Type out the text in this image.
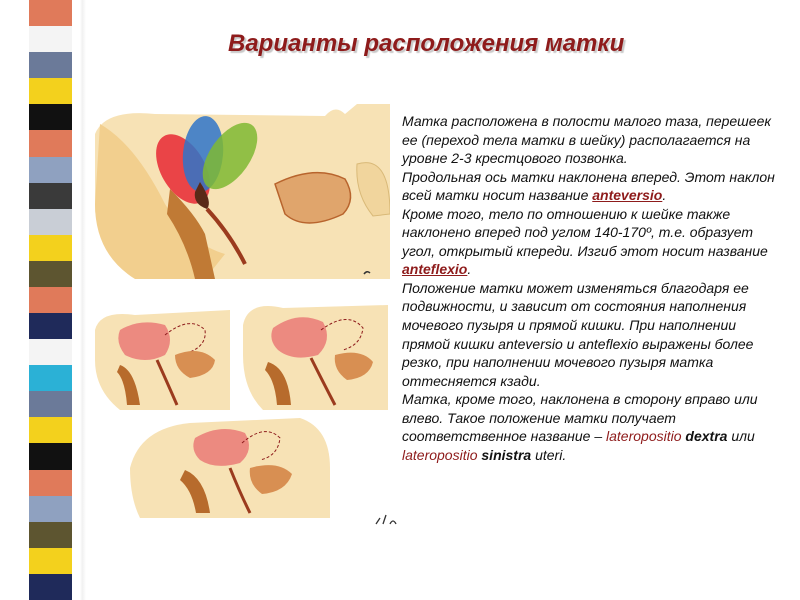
Варианты расположения матки

Матка расположена в полости малого таза, перешеек ее (переход тела матки в шейку) располагается на уровне 2-3 крестцового позвонка.

Продольная ось матки наклонена вперед. Этот наклон всей матки носит название anteversio.

Кроме того, тело по отношению к шейке также наклонено вперед под углом 140-170º, т.е. образует угол, открытый кпереди. Изгиб этот носит название anteflexio.

Положение матки может изменяться благодаря ее подвижности, и зависит от состояния наполнения мочевого пузыря и прямой кишки. При наполнении прямой кишки anteversio и anteflexio выражены более резко, при наполнении мочевого пузыря матка оттесняется кзади.

Матка, кроме того, наклонена в сторону вправо или влево. Такое положение матки получает соответственное название – lateropositio dextra или lateropositio sinistra uteri.
